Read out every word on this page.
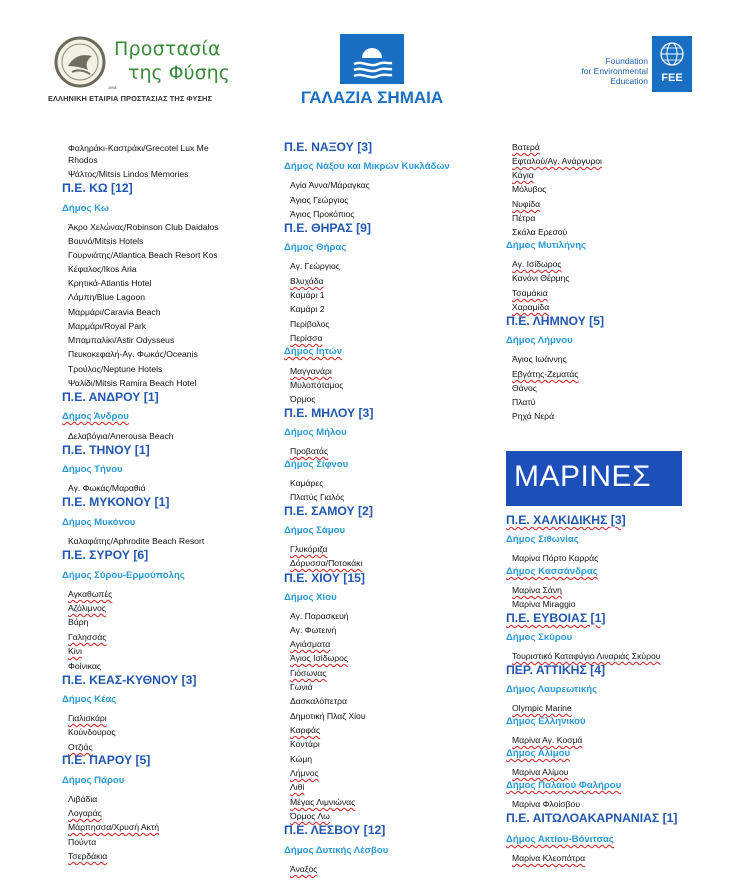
Προστασία
της Φύσης
1951
ΕΛΛΗΝΙΚΗ ΕΤΑΙΡΙΑ ΠΡΟΣΤΑΣΙΑΣ ΤΗΣ ΦΥΣΗΣ	ΓΑΛΑΖΙΑ ΣΗΜΑΙΑ
Foundation
for Environmental
Education	FEE
Φαληράκι-Καστράκι/Grecotel Lux Me
Rhodos
Ψάλτος/Mitsis Lindos Memories
Π.Ε. ΚΩ [12]
Δήμος Κω
Άκρο Χελώνας/Robinson Club Daidalos
Βουνό/Mitsis Hotels
Γουρνιάτης/Atlantica Beach Resort Kos
Κέφαλος/Ikos Aria
Κρητικά-Atlantis Hotel
Λάμπη/Blue Lagoon
Μαρμάρι/Caravia Beach
Μαρμάρι/Royal Park
Μπαμπαλίκι/Astir Odysseus
Πευκοκεφαλή-Αγ. Φωκάς/Oceanis
Τρούλος/Neptune Hotels
Ψαλίδι/Mitsis Ramira Beach Hotel
Π.Ε. ΑΝΔΡΟΥ [1]
Δήμος Άνδρου
Δελαβόγια/Anerousa Beach
Π.Ε. ΤΗΝΟΥ [1]
Δήμος Τήνου
Αγ. Φωκάς/Μαραθιά
Π.Ε. ΜΥΚΟΝΟΥ [1]
Δήμος Μυκόνου
Καλαφάτης/Aphrodite Beach Resort
Π.Ε. ΣΥΡΟΥ [6]
Δήμος Σύρου-Ερμούπολης
Αγκαθωπές
Αζόλιμνος
Βάρη
Γαλησσάς
Κίνι
Φοίνικας
Π.Ε. ΚΕΑΣ-ΚΥΘΝΟΥ [3]
Δήμος Κέας
Γιαλισκάρι
Κούνδουρος
Οτζιάς
Π.Ε. ΠΑΡΟΥ [5]
Δήμος Πάρου
Λιβάδια
Λογαράς
Μάρπησσα/Χρυσή Ακτή
Πούντα
Τσερδάκια
Π.Ε. ΝΑΞΟΥ [3]
Δήμος Νάξου και Μικρών Κυκλάδων
Αγία Άννα/Μάραγκας
Άγιος Γεώργιος
Άγιος Προκόπιος
Π.Ε. ΘΗΡΑΣ [9]
Δήμος Θήρας
Αγ. Γεώργιος
Βλυχάδα
Καμάρι 1
Καμάρι 2
Περίβολος
Περίσσα
Δήμος Ιητών
Μαγγανάρι
Μυλοπόταμος
Όρμος
Π.Ε. ΜΗΛΟΥ [3]
Δήμος Μήλου
Προβατάς
Δήμος Σίφνου
Καμάρες
Πλατύς Γιαλός
Π.Ε. ΣΑΜΟΥ [2]
Δήμος Σάμου
Γλυκόριζα
Δόρυσσα/Ποτοκάκι
Π.Ε. ΧΙΟΥ [15]
Δήμος Χίου
Αγ. Παρασκευή
Αγ. Φωτεινή
Αγιάσματα
Άγιος Ισίδωρος
Γιόσωνας
Γωνιά
Δασκαλόπετρα
Δημοτική Πλαζ Χίου
Καρφάς
Κοντάρι
Κώμη
Λήμνος
Λιθί
Μέγας Λιμνιώνας
Όρμος Λω
Π.Ε. ΛΕΣΒΟΥ [12]
Δήμος Δυτικής Λέσβου
Άναξος
Βατερά
Εφταλού/Αγ. Ανάργυροι
Κάγια
Μόλυβος
Νυφίδα
Πέτρα
Σκάλα Ερεσού
Δήμος Μυτιλήνης
Αγ. Ισίδωρος
Κανόνι Θέρμης
Τσαμάκια
Χαραμίδα
Π.Ε. ΛΗΜΝΟΥ [5]
Δήμος Λήμνου
Άγιος Ιωάννης
Εβγάτης-Ζεματάς
Θάνος
Πλατύ
Ρηχά Νερά
ΜΑΡΙΝΕΣ
Π.Ε. ΧΑΛΚΙΔΙΚΗΣ [3]
Δήμος Σιθωνίας
Μαρίνα Πόρτο Καρράς
Δήμος Κασσάνδρας
Μαρίνα Σάνη
Μαρίνα Miraggio
Π.Ε. ΕΥΒΟΙΑΣ [1]
Δήμος Σκύρου
Τουριστικό Καταφύγιο Λιναριάς Σκύρου
ΠΕΡ. ΑΤΤΙΚΗΣ [4]
Δήμος Λαυρεωτικής
Olympic Marine
Δήμος Ελληνικού
Μαρίνα Αγ. Κοσμά
Δήμος Αλίμου
Μαρίνα Αλίμου
Δήμος Παλαιού Φαλήρου
Μαρίνα Φλοίσβου
Π.Ε. ΑΙΤΩΛΟΑΚΑΡΝΑΝΙΑΣ [1]
Δήμος Ακτίου-Βόνιτσας
Μαρίνα Κλεοπάτρα
